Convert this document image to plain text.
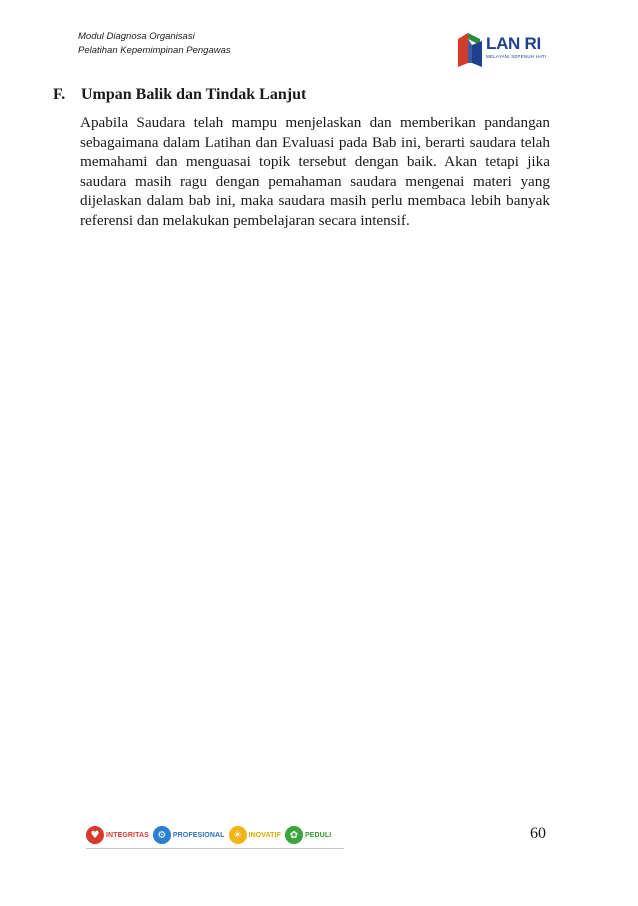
Modul Diagnosa Organisasi
Pelatihan Kepemimpinan Pengawas	LAN RI
MELAYANI SEPENUH HATI
F. Umpan Balik dan Tindak Lanjut
Apabila Saudara telah mampu menjelaskan dan memberikan pandangan sebagaimana dalam Latihan dan Evaluasi pada Bab ini, berarti saudara telah memahami dan menguasai topik tersebut dengan baik. Akan tetapi jika saudara masih ragu dengan pemahaman saudara mengenai materi yang dijelaskan dalam bab ini, maka saudara masih perlu membaca lebih banyak referensi dan melakukan pembelajaran secara intensif.
♥ INTEGRITAS ⚙ PROFESIONAL ☀ INOVATIF ✿ PEDULI	60
